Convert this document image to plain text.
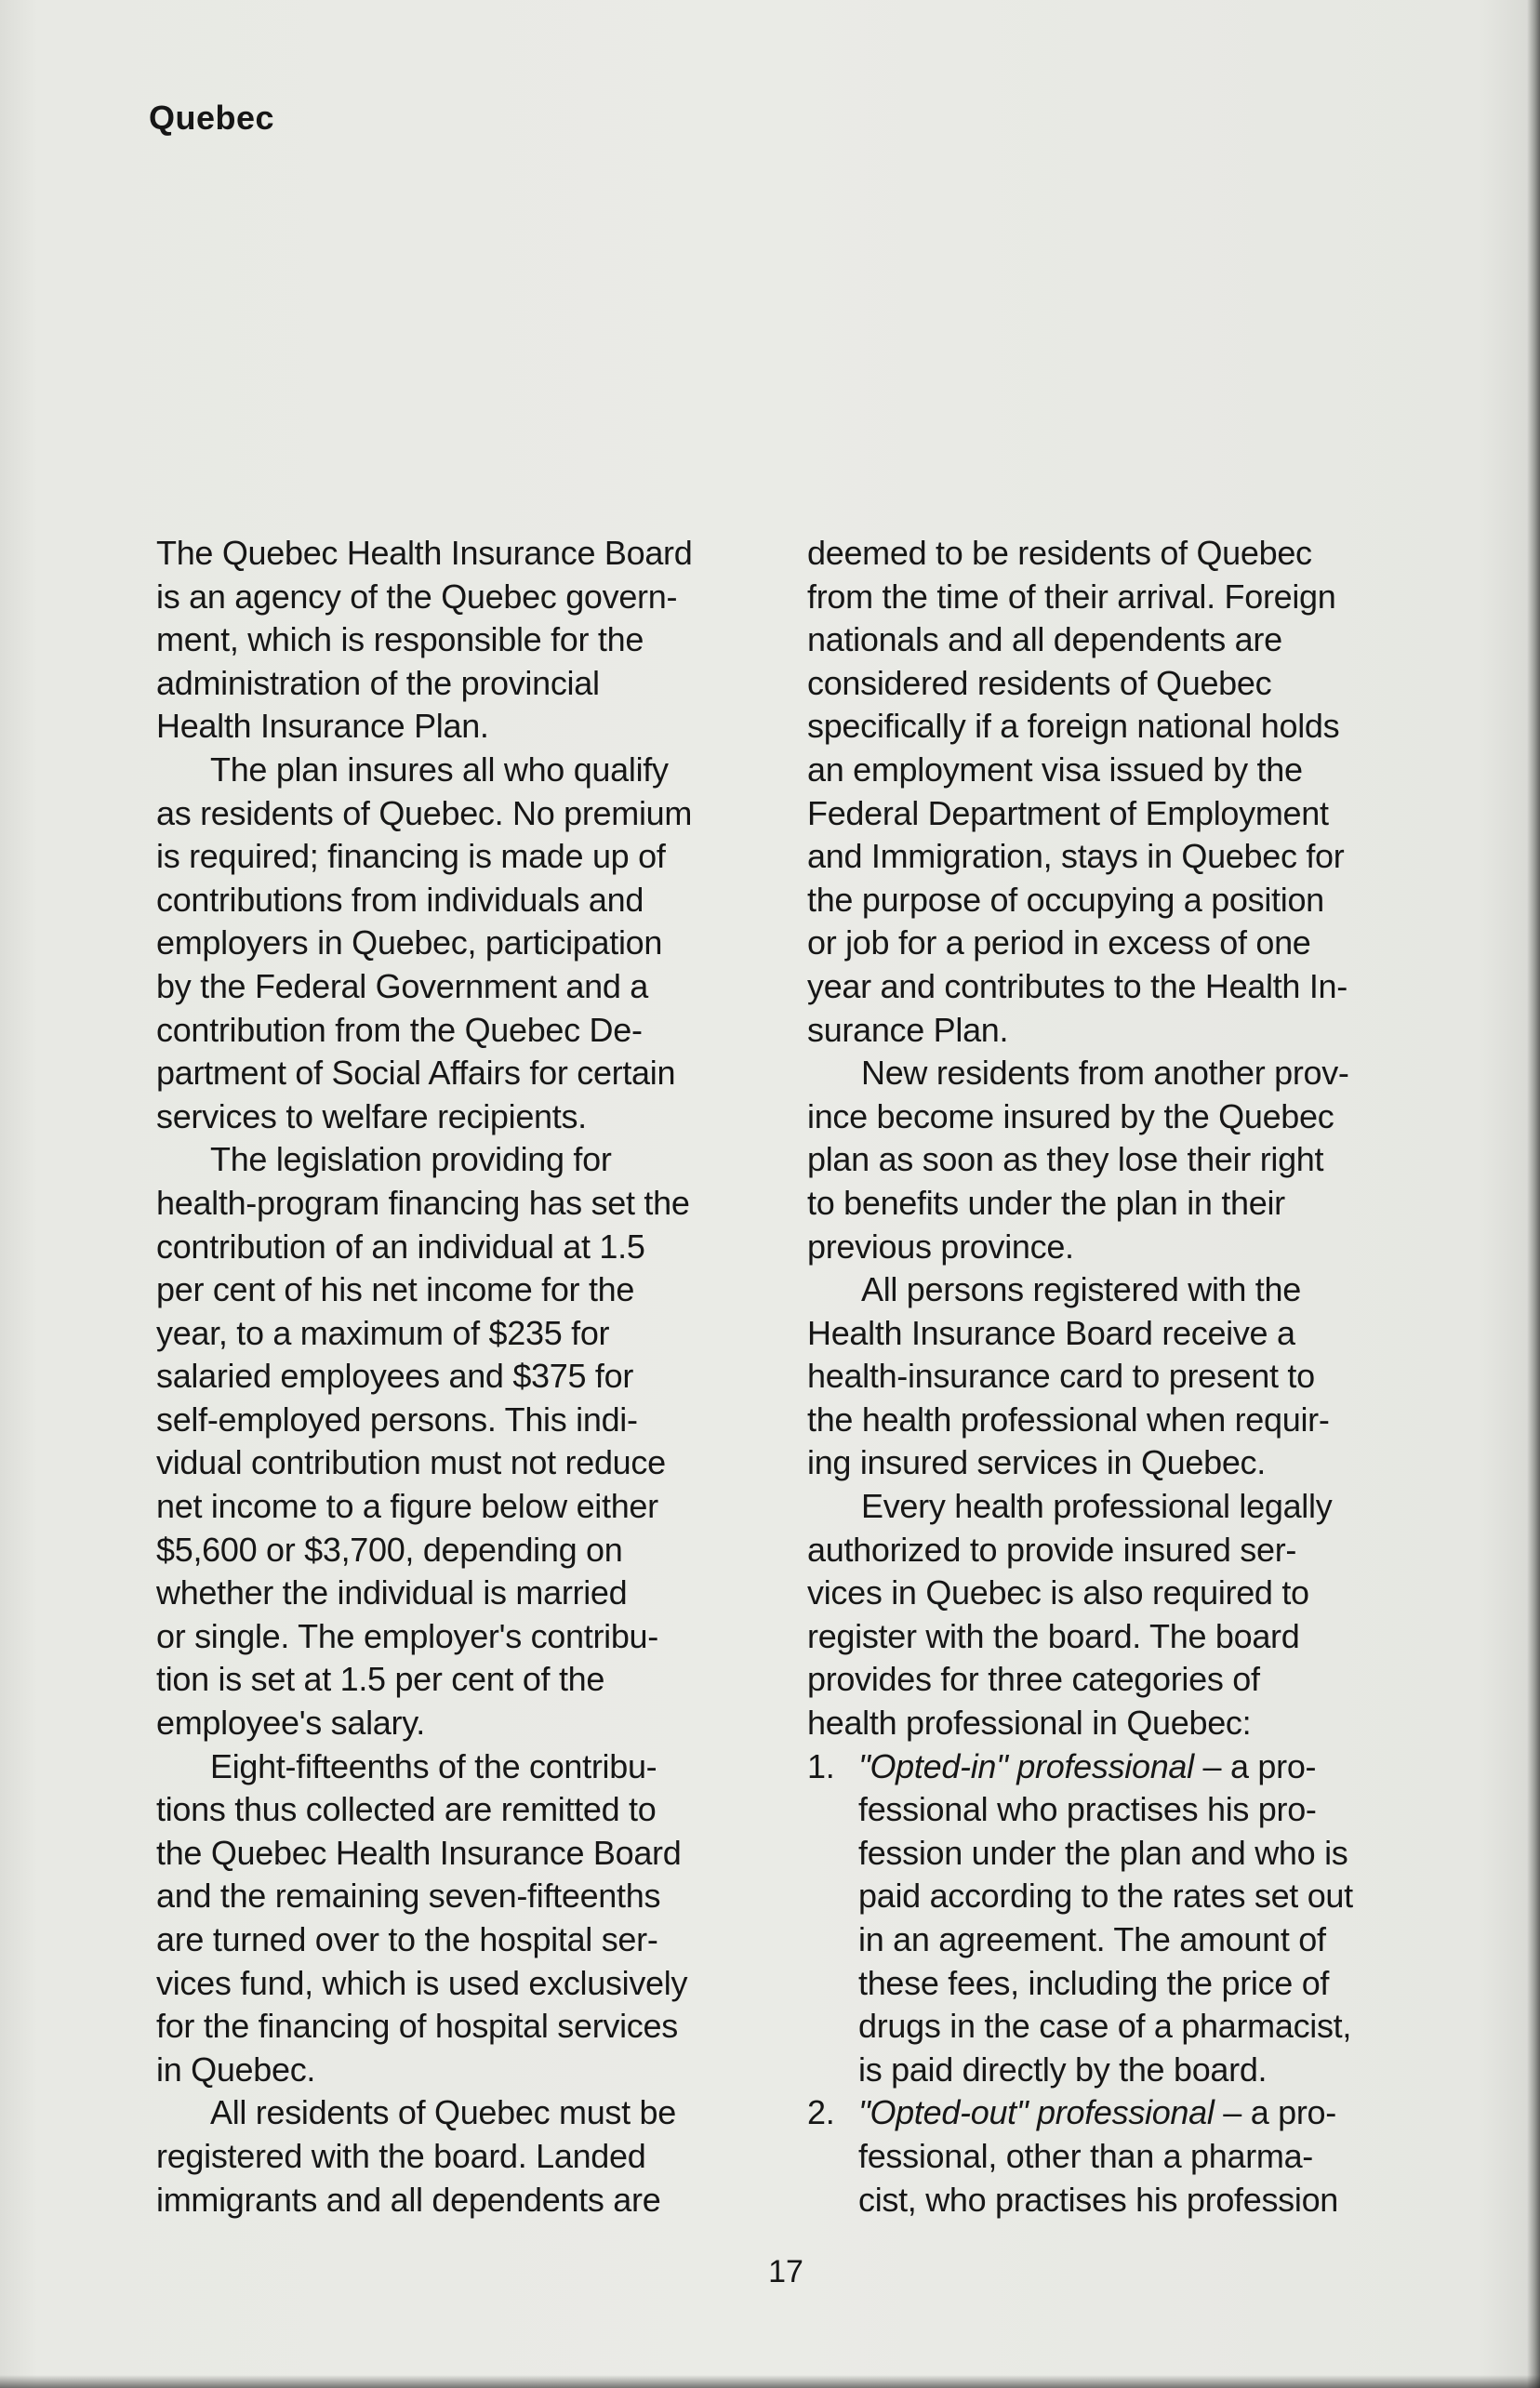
Quebec
The Quebec Health Insurance Board
is an agency of the Quebec govern-
ment, which is responsible for the
administration of the provincial
Health Insurance Plan.
The plan insures all who qualify
as residents of Quebec. No premium
is required; financing is made up of
contributions from individuals and
employers in Quebec, participation
by the Federal Government and a
contribution from the Quebec De-
partment of Social Affairs for certain
services to welfare recipients.
The legislation providing for
health-program financing has set the
contribution of an individual at 1.5
per cent of his net income for the
year, to a maximum of $235 for
salaried employees and $375 for
self-employed persons. This indi-
vidual contribution must not reduce
net income to a figure below either
$5,600 or $3,700, depending on
whether the individual is married
or single. The employer's contribu-
tion is set at 1.5 per cent of the
employee's salary.
Eight-fifteenths of the contribu-
tions thus collected are remitted to
the Quebec Health Insurance Board
and the remaining seven-fifteenths
are turned over to the hospital ser-
vices fund, which is used exclusively
for the financing of hospital services
in Quebec.
All residents of Quebec must be
registered with the board. Landed
immigrants and all dependents are
deemed to be residents of Quebec
from the time of their arrival. Foreign
nationals and all dependents are
considered residents of Quebec
specifically if a foreign national holds
an employment visa issued by the
Federal Department of Employment
and Immigration, stays in Quebec for
the purpose of occupying a position
or job for a period in excess of one
year and contributes to the Health In-
surance Plan.
New residents from another prov-
ince become insured by the Quebec
plan as soon as they lose their right
to benefits under the plan in their
previous province.
All persons registered with the
Health Insurance Board receive a
health-insurance card to present to
the health professional when requir-
ing insured services in Quebec.
Every health professional legally
authorized to provide insured ser-
vices in Quebec is also required to
register with the board. The board
provides for three categories of
health professional in Quebec:
1. "Opted-in" professional – a pro-
fessional who practises his pro-
fession under the plan and who is
paid according to the rates set out
in an agreement. The amount of
these fees, including the price of
drugs in the case of a pharmacist,
is paid directly by the board.
2. "Opted-out" professional – a pro-
fessional, other than a pharma-
cist, who practises his profession
17
